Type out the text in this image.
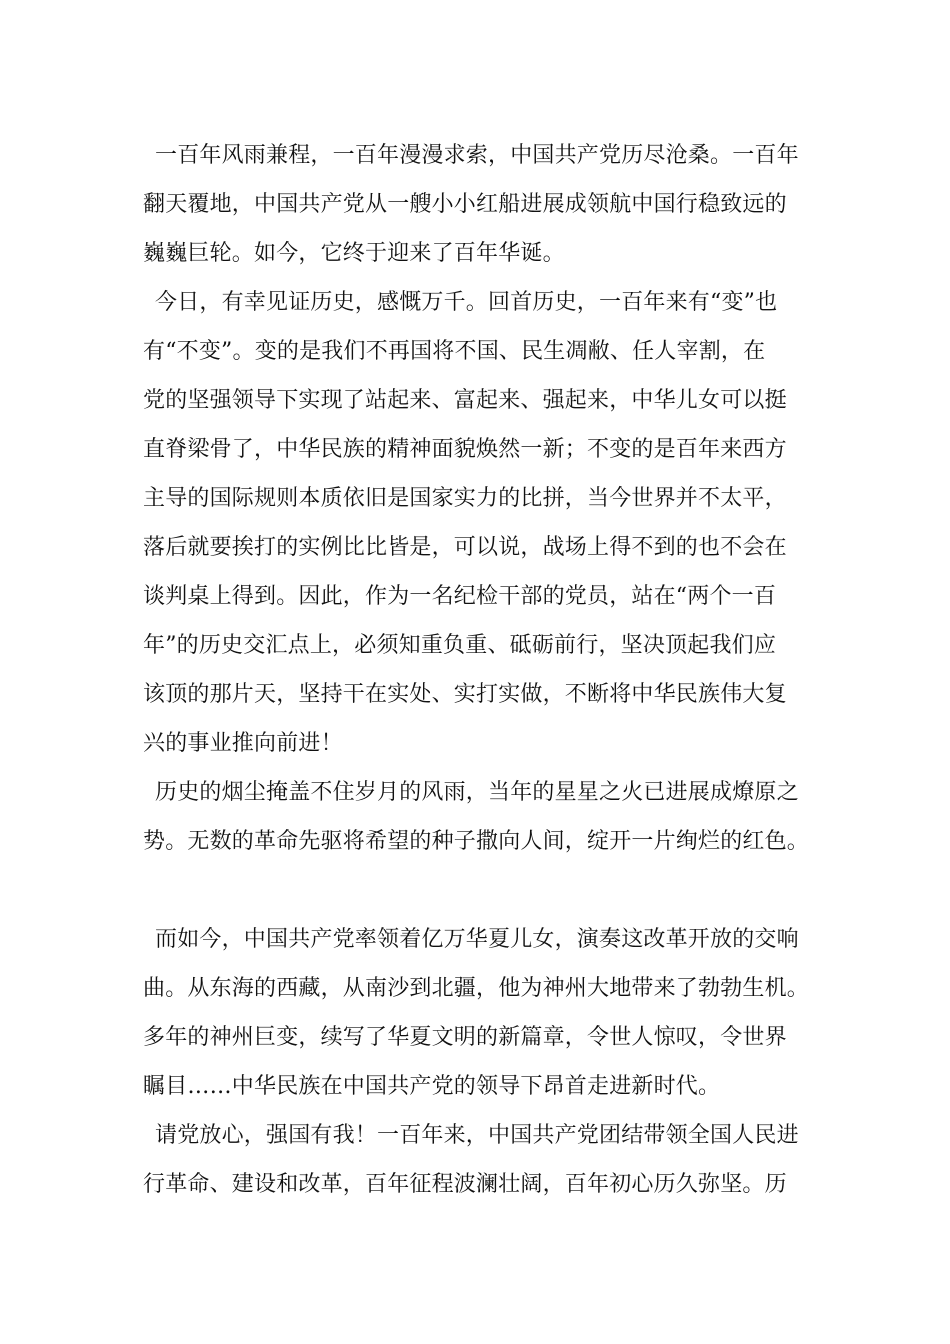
一百年风雨兼程，一百年漫漫求索，中国共产党历尽沧桑。一百年
翻天覆地，中国共产党从一艘小小红船进展成领航中国行稳致远的
巍巍巨轮。如今，它终于迎来了百年华诞。
今日，有幸见证历史，感慨万千。回首历史，一百年来有“变”也
有“不变”。变的是我们不再国将不国、民生凋敝、任人宰割，在
党的坚强领导下实现了站起来、富起来、强起来，中华儿女可以挺
直脊梁骨了，中华民族的精神面貌焕然一新；不变的是百年来西方
主导的国际规则本质依旧是国家实力的比拼，当今世界并不太平，
落后就要挨打的实例比比皆是，可以说，战场上得不到的也不会在
谈判桌上得到。因此，作为一名纪检干部的党员，站在“两个一百
年”的历史交汇点上，必须知重负重、砥砺前行，坚决顶起我们应
该顶的那片天，坚持干在实处、实打实做，不断将中华民族伟大复
兴的事业推向前进！
历史的烟尘掩盖不住岁月的风雨，当年的星星之火已进展成燎原之
势。无数的革命先驱将希望的种子撒向人间，绽开一片绚烂的红色。
而如今，中国共产党率领着亿万华夏儿女，演奏这改革开放的交响
曲。从东海的西藏，从南沙到北疆，他为神州大地带来了勃勃生机。
多年的神州巨变，续写了华夏文明的新篇章，令世人惊叹，令世界
瞩目……中华民族在中国共产党的领导下昂首走进新时代。
请党放心，强国有我！一百年来，中国共产党团结带领全国人民进
行革命、建设和改革，百年征程波澜壮阔，百年初心历久弥坚。历
